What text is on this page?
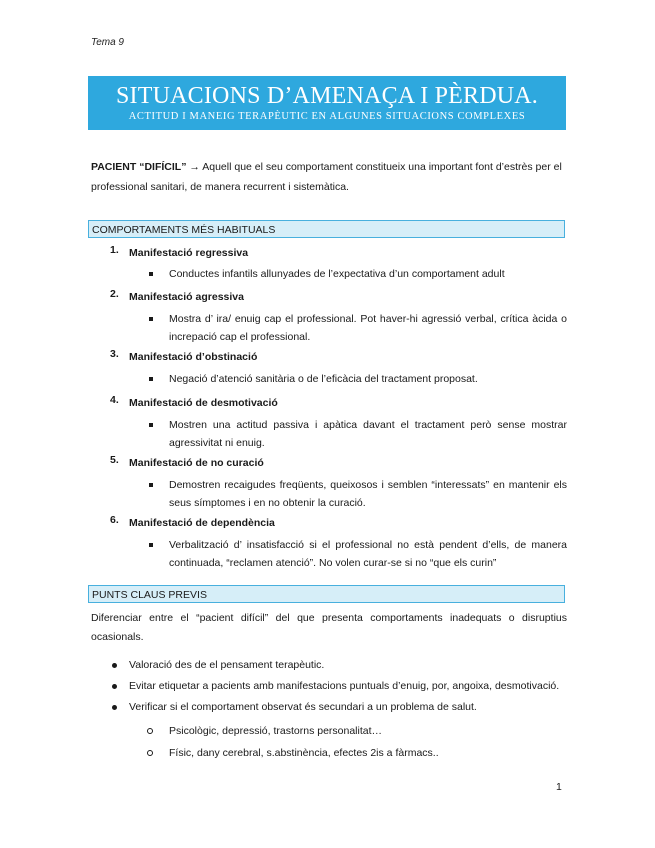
Tema 9
SITUACIONS D’AMENAÇA I PÈRDUA.
ACTITUD I MANEIG TERAPÈUTIC EN ALGUNES SITUACIONS COMPLEXES
PACIENT “DIFÍCIL” → Aquell que el seu comportament constitueix una important font d’estrès per el professional sanitari, de manera recurrent i sistemàtica.
COMPORTAMENTS MÉS HABITUALS
1. Manifestació regressiva
Conductes infantils allunyades de l’expectativa d’un comportament adult
2. Manifestació agressiva
Mostra d’ ira/ enuig cap el professional. Pot haver-hi agressió verbal, crítica àcida o increpació cap el professional.
3. Manifestació d’obstinació
Negació d’atenció sanitària o de l’eficàcia del tractament proposat.
4. Manifestació de desmotivació
Mostren una actitud passiva i apàtica davant el tractament però sense mostrar agressivitat ni enuig.
5. Manifestació de no curació
Demostren recaigudes freqüents, queixosos i semblen “interessats” en mantenir els seus símptomes i en no obtenir la curació.
6. Manifestació de dependència
Verbalització d’ insatisfacció si el professional no està pendent d’ells, de manera continuada, “reclamen atenció”. No volen curar-se si no “que els curin”
PUNTS CLAUS PREVIS
Diferenciar entre el “pacient difícil” del que presenta comportaments inadequats o disruptius ocasionals.
Valoració des de el pensament terapèutic.
Evitar etiquetar a pacients amb manifestacions puntuals d’enuig, por, angoixa, desmotivació.
Verificar si el comportament observat és secundari a un problema de salut.
Psicològic, depressió, trastorns personalitat…
Físic, dany cerebral, s.abstinència, efectes 2is a fàrmacs..
1
